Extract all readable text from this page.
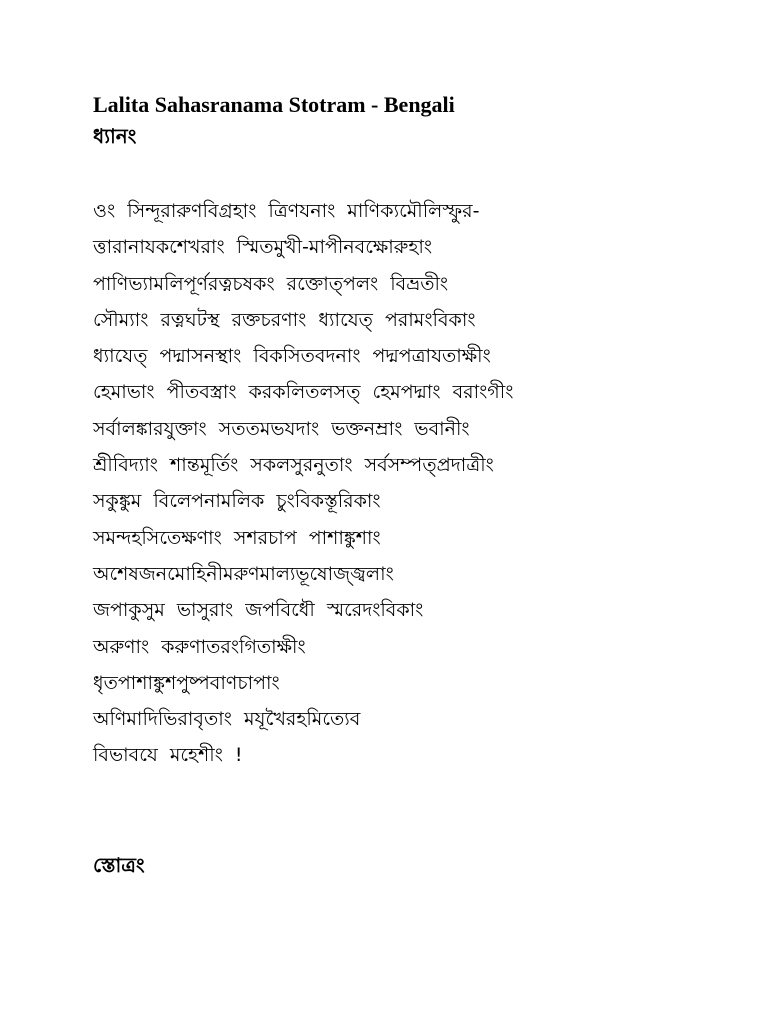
Lalita Sahasranama Stotram - Bengali
ধ্যানং
ওং সিন্দূরারুণবিগ্রহাং ত্রিণযনাং মাণিক্যমৌলিস্ফুর-
ত্তারানাযকশেখরাং স্মিতমুখী-মাপীনবক্ষোরুহাং
পাণিভ্যামলিপূর্ণরত্নচষকং রক্তোত্পলং বিভ্রতীং
সৌম্যাং রত্নঘটস্থ রক্তচরণাং ধ্যাযেত্ পরামংবিকাং
ধ্যাযেত্ পদ্মাসনস্থাং বিকসিতবদনাং পদ্মপত্রাযতাক্ষীং
হেমাভাং পীতবস্ত্রাং করকলিতলসত্ হেমপদ্মাং বরাংগীং
সর্বালঙ্কারযুক্তাং সততমভযদাং ভক্তনম্রাং ভবানীং
শ্রীবিদ্যাং শান্তমূর্তিং সকলসুরনুতাং সর্বসম্পত্প্রদাত্রীং
সকুঙ্কুম বিলেপনামলিক চুংবিকস্তূরিকাং
সমন্দহসিতেক্ষণাং সশরচাপ পাশাঙ্কুশাং
অশেষজনমোহিনীমরুণমাল্যভূষোজ্জ্বলাং
জপাকুসুম ভাসুরাং জপবিধৌ স্মরেদংবিকাং
অরুণাং করুণাতরংগিতাক্ষীং
ধৃতপাশাঙ্কুশপুষ্পবাণচাপাং
অণিমাদিভিরাবৃতাং মযূখৈরহমিত্যেব
বিভাবযে মহেশীং !
স্তোত্রং
